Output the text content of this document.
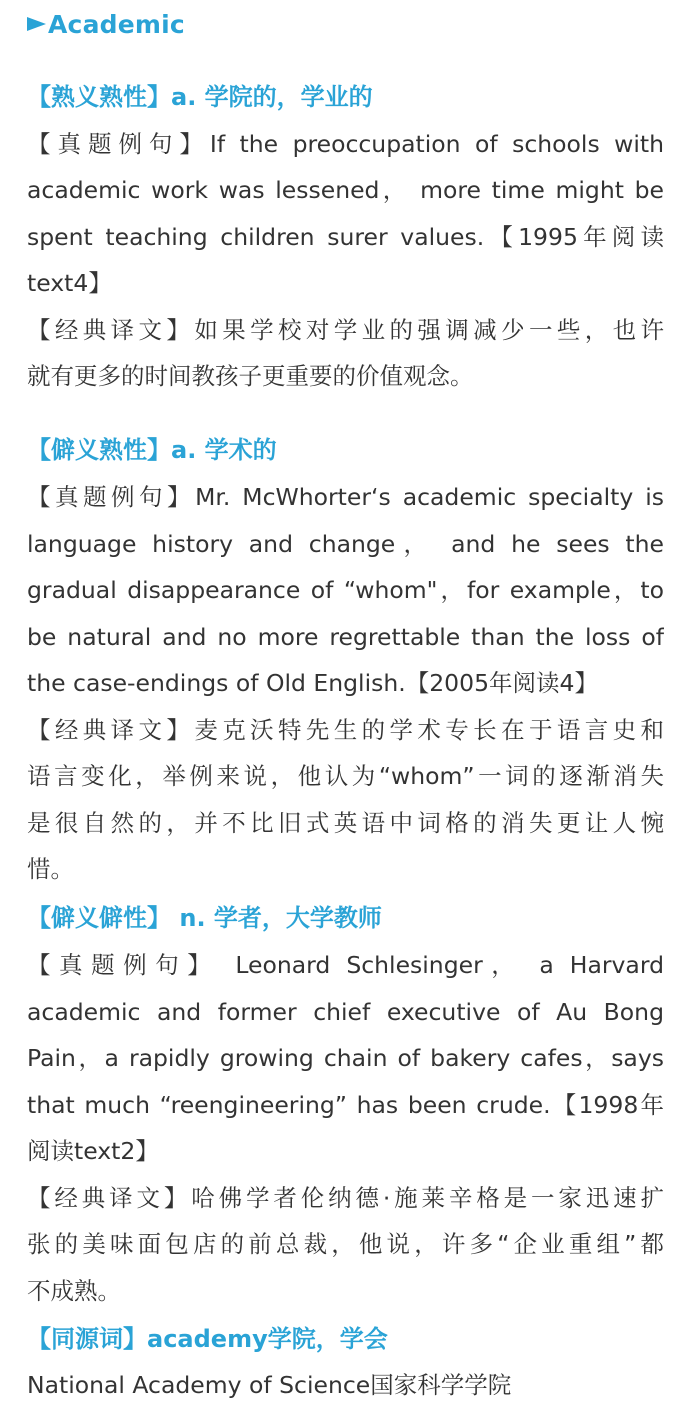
Academic
【熟义熟性】a. 学院的，学业的
【真题例句】If the preoccupation of schools with
academic work was lessened， more time might be
spent teaching children surer values.【1995年阅读
text4】
【经典译文】如果学校对学业的强调减少一些，也许
就有更多的时间教孩子更重要的价值观念。
【僻义熟性】a. 学术的
【真题例句】Mr. McWhorter‘s academic specialty is
language history and change， and he sees the
gradual disappearance of “whom"，for example，to
be natural and no more regrettable than the loss of
the case-endings of Old English.【2005年阅读4】
【经典译文】麦克沃特先生的学术专长在于语言史和
语言变化，举例来说，他认为“whom”一词的逐渐消失
是很自然的，并不比旧式英语中词格的消失更让人惋
惜。
【僻义僻性】 n. 学者，大学教师
【真题例句】 Leonard Schlesinger， a Harvard
academic and former chief executive of Au Bong
Pain，a rapidly growing chain of bakery cafes，says
that much “reengineering” has been crude.【1998年
阅读text2】
【经典译文】哈佛学者伦纳德·施莱辛格是一家迅速扩
张的美味面包店的前总裁，他说，许多“企业重组”都
不成熟。
【同源词】academy学院，学会
National Academy of Science国家科学学院
